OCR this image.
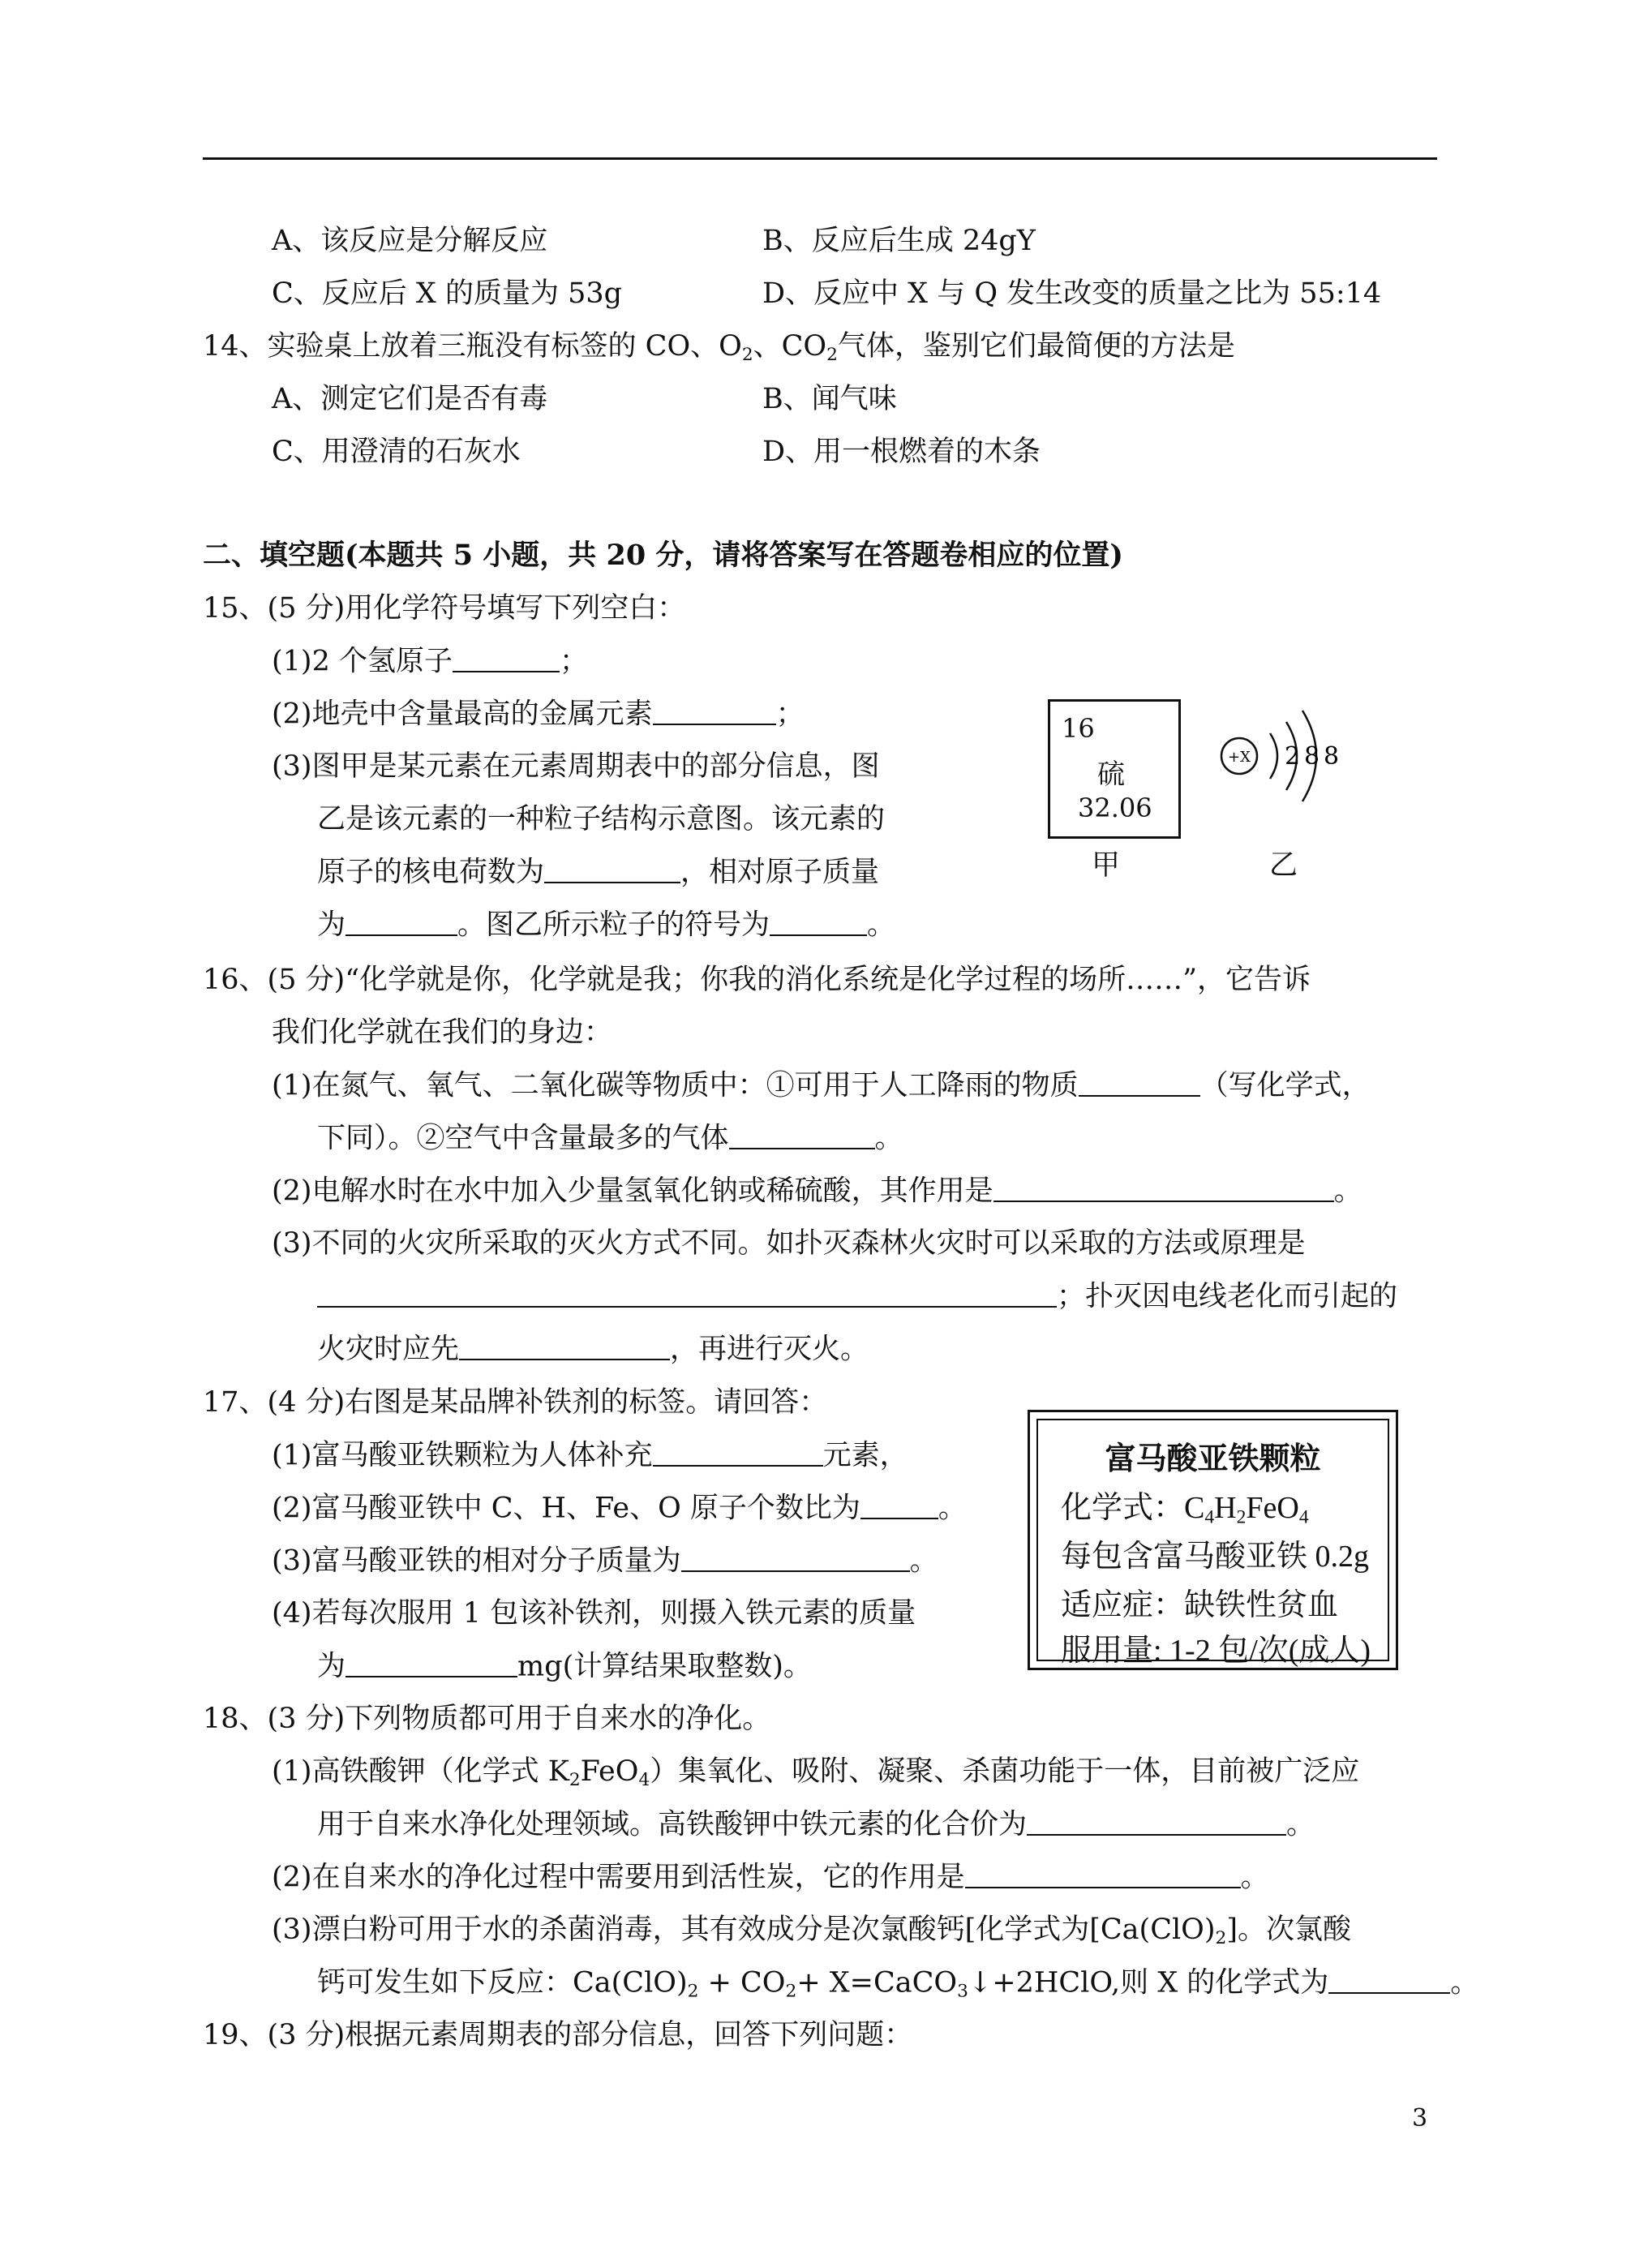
A、该反应是分解反应	B、反应后生成 24gY
C、反应后 X 的质量为 53g	D、反应中 X 与 Q 发生改变的质量之比为 55:14
14、实验桌上放着三瓶没有标签的 CO、$O_2$、$CO_2$气体，鉴别它们最简便的方法是
A、测定它们是否有毒	B、闻气味
C、用澄清的石灰水	D、用一根燃着的木条
二、填空题(本题共 5 小题，共 20 分，请将答案写在答题卷相应的位置)
15、(5 分)用化学符号填写下列空白：
(1)2 个氢原子	；
(2)地壳中含量最高的金属元素	；
(3)图甲是某元素在元素周期表中的部分信息，图
乙是该元素的一种粒子结构示意图。该元素的
原子的核电荷数为	，相对原子质量
为	。图乙所示粒子的符号为	。
16
硫
32.06
甲
+X 2 8 8
乙
16、(5 分)“化学就是你，化学就是我；你我的消化系统是化学过程的场所……”，它告诉
我们化学就在我们的身边：
(1)在氮气、氧气、二氧化碳等物质中：①可用于人工降雨的物质	（写化学式，
下同）。②空气中含量最多的气体	。
(2)电解水时在水中加入少量氢氧化钠或稀硫酸，其作用是	。
(3)不同的火灾所采取的灭火方式不同。如扑灭森林火灾时可以采取的方法或原理是
；扑灭因电线老化而引起的
火灾时应先	，再进行灭火。
17、(4 分)右图是某品牌补铁剂的标签。请回答：
(1)富马酸亚铁颗粒为人体补充	元素，
(2)富马酸亚铁中 C、H、Fe、O 原子个数比为	。
(3)富马酸亚铁的相对分子质量为	。
(4)若每次服用 1 包该补铁剂，则摄入铁元素的质量
为	mg(计算结果取整数)。
富马酸亚铁颗粒
化学式：$C_4H_2FeO_4$
每包含富马酸亚铁 0.2g
适应症：缺铁性贫血
服用量: 1-2 包/次(成人)
18、(3 分)下列物质都可用于自来水的净化。
(1)高铁酸钾（化学式 $K_2FeO_4$）集氧化、吸附、凝聚、杀菌功能于一体，目前被广泛应
用于自来水净化处理领域。高铁酸钾中铁元素的化合价为	。
(2)在自来水的净化过程中需要用到活性炭，它的作用是	。
(3)漂白粉可用于水的杀菌消毒，其有效成分是次氯酸钙[化学式为$[Ca(ClO)_2]$。次氯酸
钙可发生如下反应：$Ca(ClO)_2 + CO_2+$ X=CaCO$_3$↓+2HClO,则 X 的化学式为	。
19、(3 分)根据元素周期表的部分信息，回答下列问题：
3
